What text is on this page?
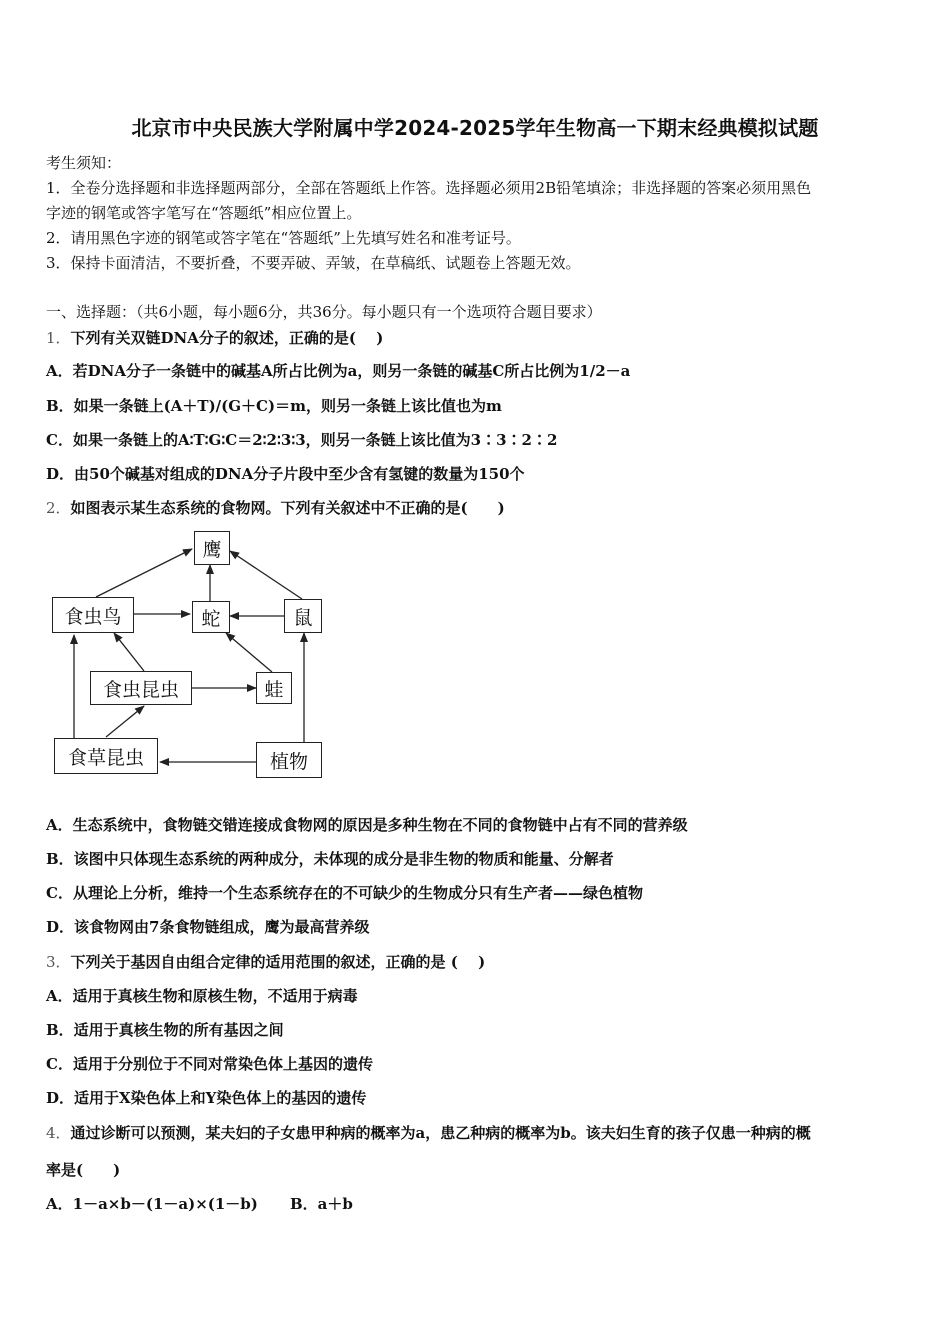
北京市中央民族大学附属中学2024-2025学年生物高一下期末经典模拟试题
考生须知：
1．全卷分选择题和非选择题两部分，全部在答题纸上作答。选择题必须用2B铅笔填涂；非选择题的答案必须用黑色
字迹的钢笔或答字笔写在“答题纸”相应位置上。
2．请用黑色字迹的钢笔或答字笔在“答题纸”上先填写姓名和准考证号。
3．保持卡面清洁，不要折叠，不要弄破、弄皱，在草稿纸、试题卷上答题无效。
一、选择题：（共6小题，每小题6分，共36分。每小题只有一个选项符合题目要求）
1．下列有关双链DNA分子的叙述，正确的是(　 )
A．若DNA分子一条链中的碱基A所占比例为a，则另一条链的碱基C所占比例为1/2－a
B．如果一条链上(A＋T)/(G＋C)＝m，则另一条链上该比值也为m
C．如果一条链上的A∶T∶G∶C＝2∶2∶3∶3，则另一条链上该比值为3∶3∶2∶2
D．由50个碱基对组成的DNA分子片段中至少含有氢键的数量为150个
2．如图表示某生态系统的食物网。下列有关叙述中不正确的是(　　)
鹰
食虫鸟	蛇	鼠
食虫昆虫	蛙
食草昆虫	植物
A．生态系统中，食物链交错连接成食物网的原因是多种生物在不同的食物链中占有不同的营养级
B．该图中只体现生态系统的两种成分，未体现的成分是非生物的物质和能量、分解者
C．从理论上分析，维持一个生态系统存在的不可缺少的生物成分只有生产者——绿色植物
D．该食物网由7条食物链组成，鹰为最高营养级
3．下列关于基因自由组合定律的适用范围的叙述，正确的是 (　 )
A．适用于真核生物和原核生物，不适用于病毒
B．适用于真核生物的所有基因之间
C．适用于分别位于不同对常染色体上基因的遗传
D．适用于X染色体上和Y染色体上的基因的遗传
4．通过诊断可以预测，某夫妇的子女患甲种病的概率为a，患乙种病的概率为b。该夫妇生育的孩子仅患一种病的概
率是(　　)
A．1－a×b－(1－a)×(1－b) B．a＋b
